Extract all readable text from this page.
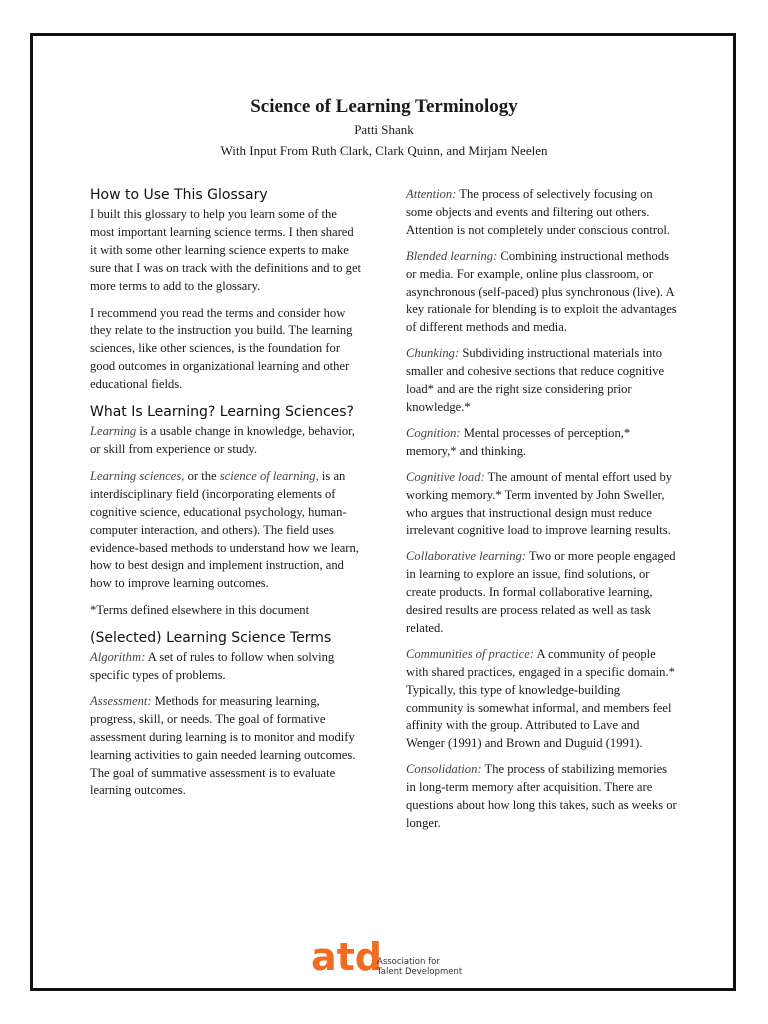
Science of Learning Terminology
Patti Shank
With Input From Ruth Clark, Clark Quinn, and Mirjam Neelen
How to Use This Glossary

I built this glossary to help you learn some of the most important learning science terms. I then shared it with some other learning science experts to make sure that I was on track with the definitions and to get more terms to add to the glossary.

I recommend you read the terms and consider how they relate to the instruction you build. The learning sciences, like other sciences, is the foundation for good outcomes in organizational learning and other educational fields.

What Is Learning? Learning Sciences?

Learning is a usable change in knowledge, behavior, or skill from experience or study.

Learning sciences, or the science of learning, is an interdisciplinary field (incorporating elements of cognitive science, educational psychology, human-computer interaction, and others). The field uses evidence-based methods to understand how we learn, how to best design and implement instruction, and how to improve learning outcomes.

*Terms defined elsewhere in this document

(Selected) Learning Science Terms

Algorithm: A set of rules to follow when solving specific types of problems.

Assessment: Methods for measuring learning, progress, skill, or needs. The goal of formative assessment during learning is to monitor and modify learning activities to gain needed learning outcomes. The goal of summative assessment is to evaluate learning outcomes.

Attention: The process of selectively focusing on some objects and events and filtering out others. Attention is not completely under conscious control.

Blended learning: Combining instructional methods or media. For example, online plus classroom, or asynchronous (self-paced) plus synchronous (live). A key rationale for blending is to exploit the advantages of different methods and media.

Chunking: Subdividing instructional materials into smaller and cohesive sections that reduce cognitive load* and are the right size considering prior knowledge.*

Cognition: Mental processes of perception,* memory,* and thinking.

Cognitive load: The amount of mental effort used by working memory.* Term invented by John Sweller, who argues that instructional design must reduce irrelevant cognitive load to improve learning results.

Collaborative learning: Two or more people engaged in learning to explore an issue, find solutions, or create products. In formal collaborative learning, desired results are process related as well as task related.

Communities of practice: A community of people with shared practices, engaged in a specific domain.* Typically, this type of knowledge-building community is somewhat informal, and members feel affinity with the group. Attributed to Lave and Wenger (1991) and Brown and Duguid (1991).

Consolidation: The process of stabilizing memories in long-term memory after acquisition. There are questions about how long this takes, such as weeks or longer.

atd
Association for
Talent Development
